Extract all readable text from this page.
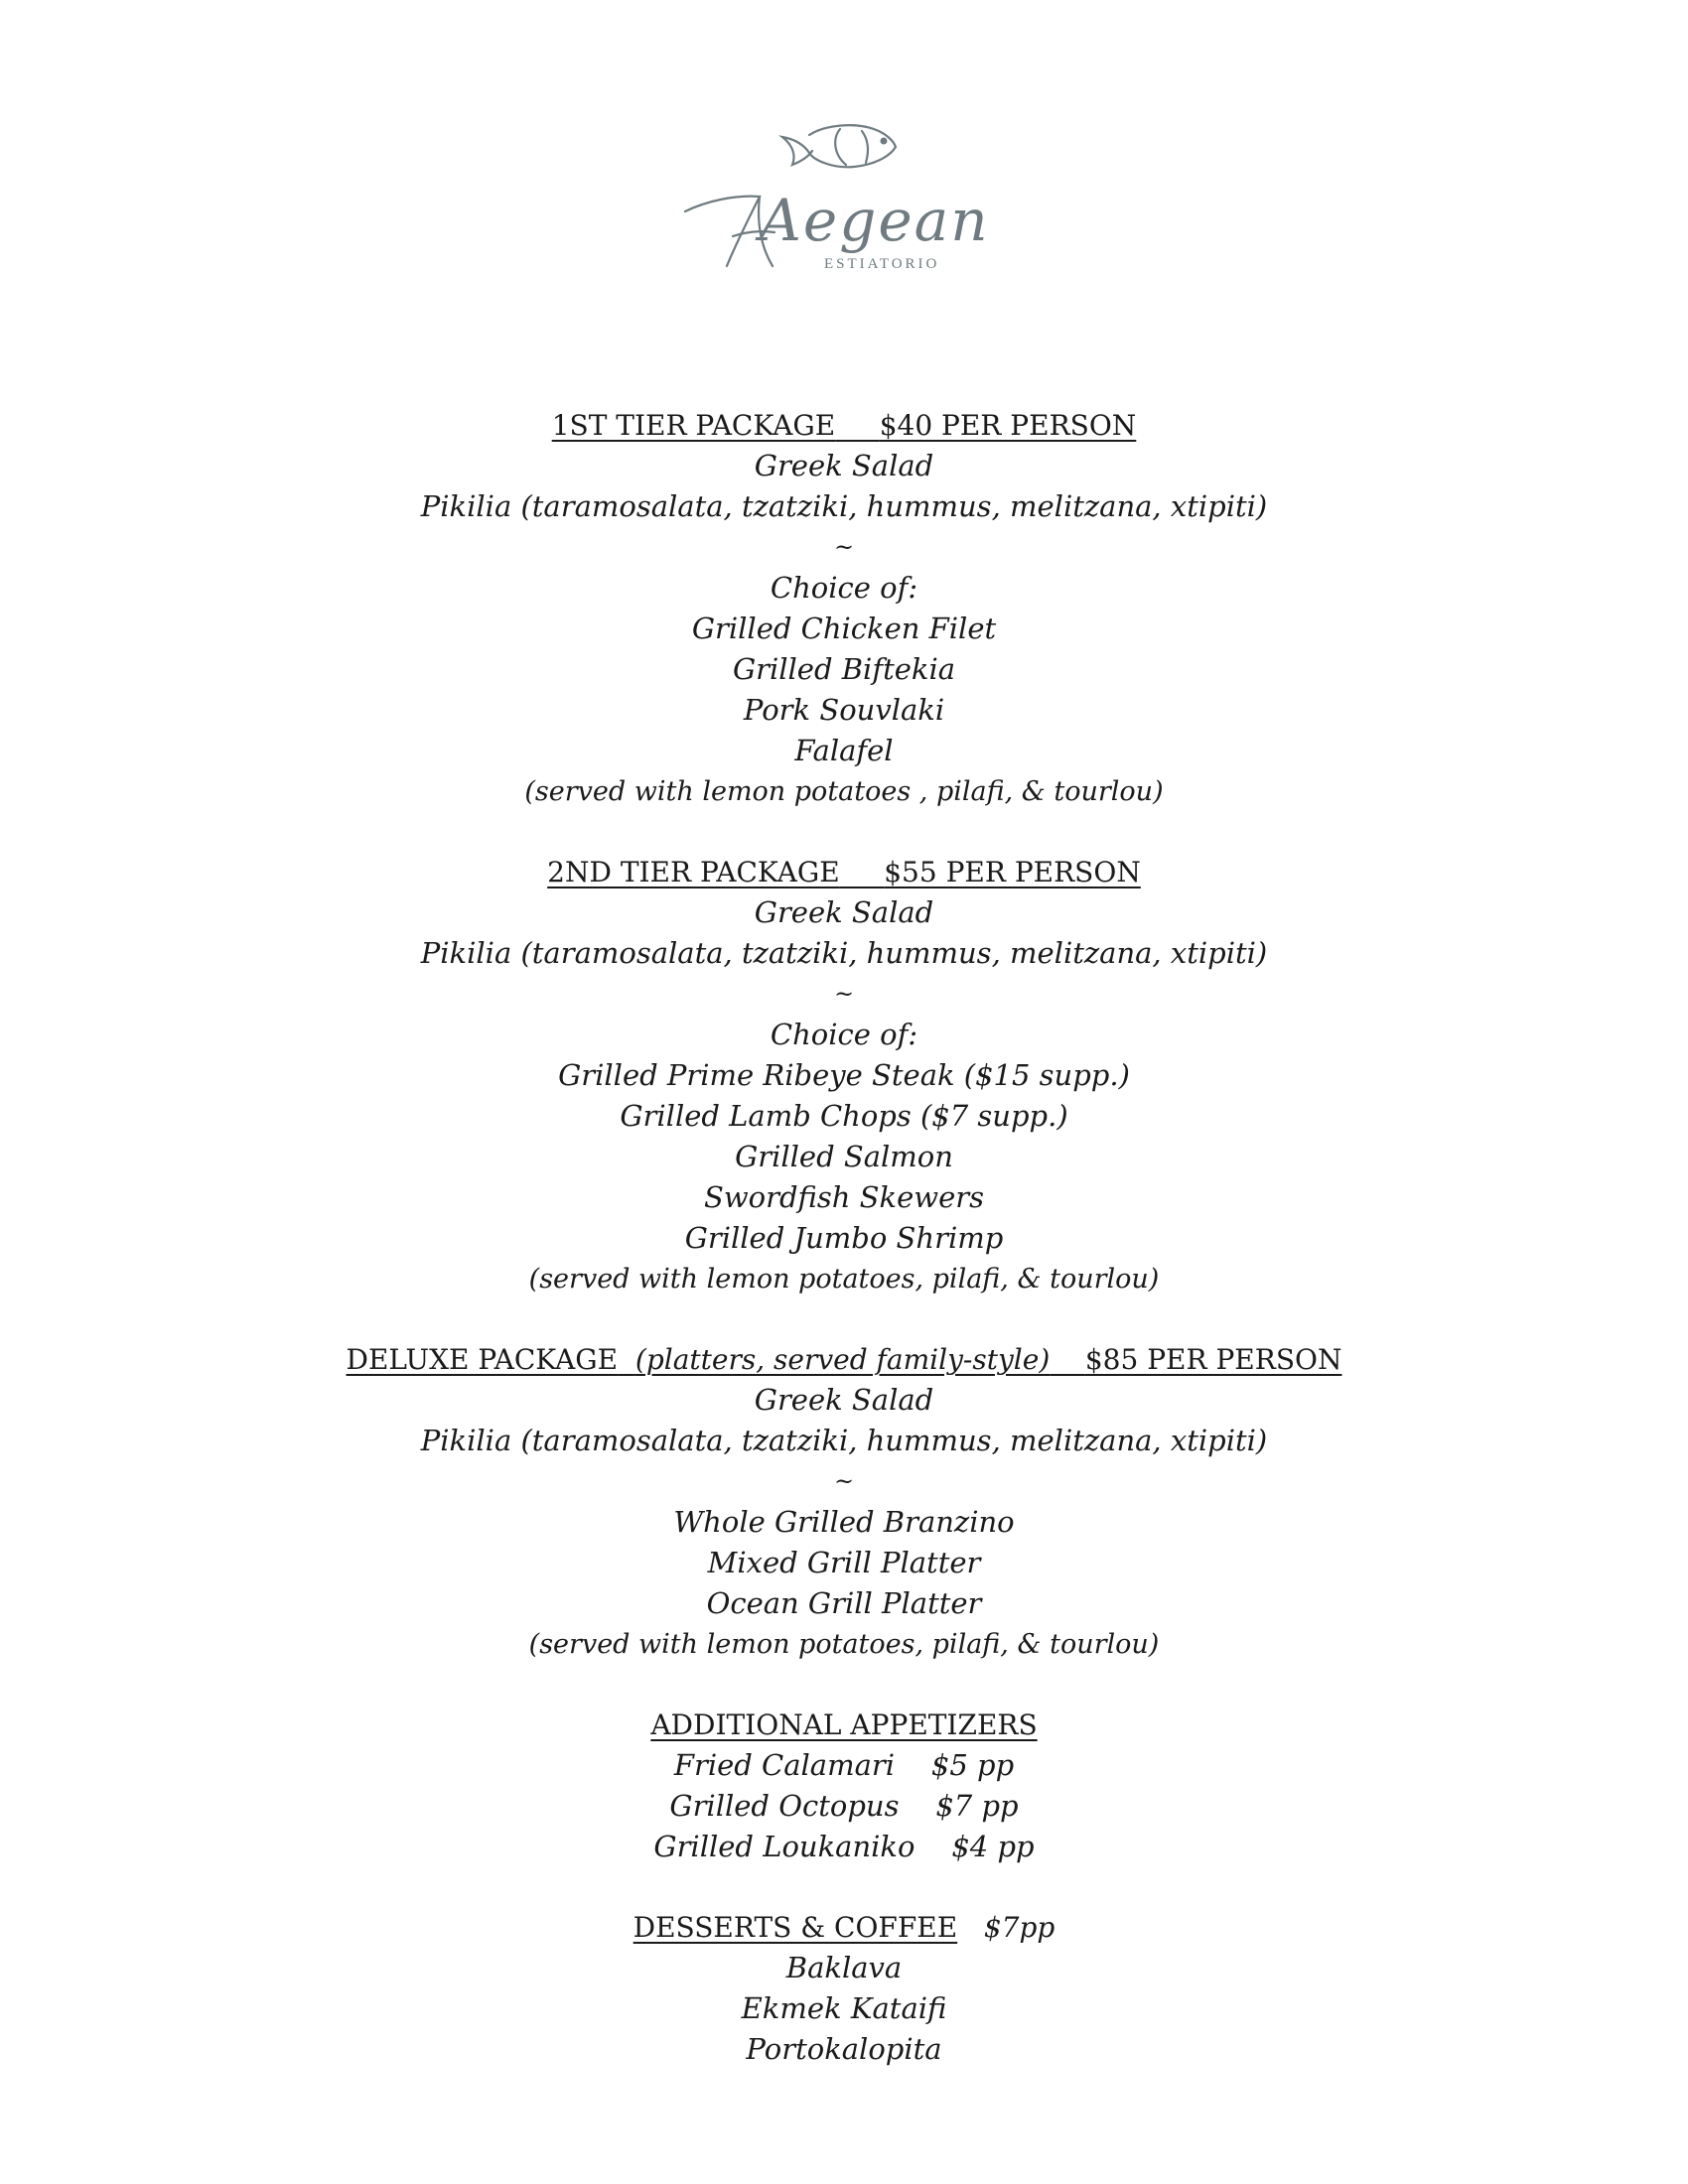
Aegean
ESTIATORIO
1ST TIER PACKAGE $40 PER PERSON
Greek Salad
Pikilia (taramosalata, tzatziki, hummus, melitzana, xtipiti)
~
Choice of:
Grilled Chicken Filet
Grilled Biftekia
Pork Souvlaki
Falafel
(served with lemon potatoes , pilafi, & tourlou)
2ND TIER PACKAGE $55 PER PERSON
Greek Salad
Pikilia (taramosalata, tzatziki, hummus, melitzana, xtipiti)
~
Choice of:
Grilled Prime Ribeye Steak ($15 supp.)
Grilled Lamb Chops ($7 supp.)
Grilled Salmon
Swordfish Skewers
Grilled Jumbo Shrimp
(served with lemon potatoes, pilafi, & tourlou)
DELUXE PACKAGE (platters, served family-style) $85 PER PERSON
Greek Salad
Pikilia (taramosalata, tzatziki, hummus, melitzana, xtipiti)
~
Whole Grilled Branzino
Mixed Grill Platter
Ocean Grill Platter
(served with lemon potatoes, pilafi, & tourlou)
ADDITIONAL APPETIZERS
Fried Calamari $5 pp
Grilled Octopus $7 pp
Grilled Loukaniko $4 pp
DESSERTS & COFFEE $7pp
Baklava
Ekmek Kataifi
Portokalopita
